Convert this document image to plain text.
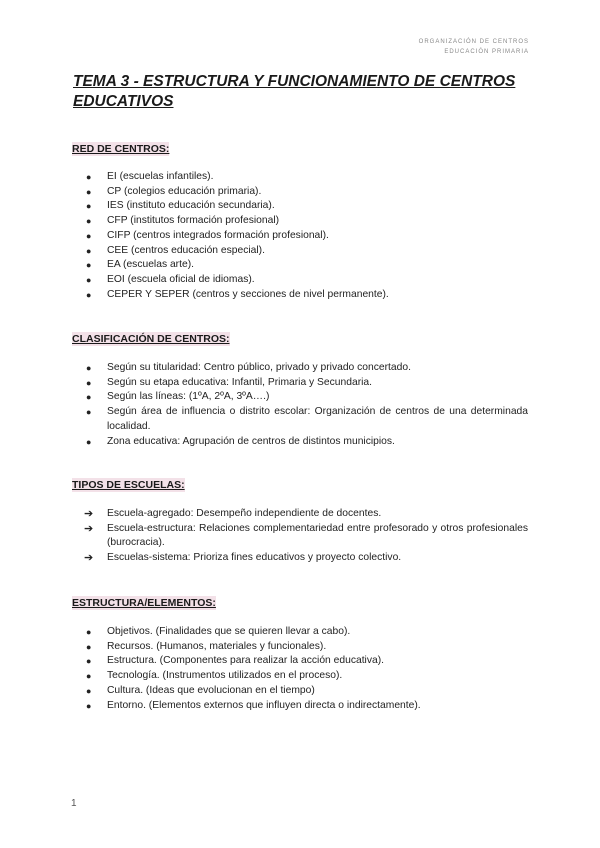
ORGANIZACIÓN DE CENTROS
EDUCACIÓN PRIMARIA
TEMA 3 - ESTRUCTURA Y FUNCIONAMIENTO DE CENTROS EDUCATIVOS
RED DE CENTROS:
● EI (escuelas infantiles).
● CP (colegios educación primaria).
● IES (instituto educación secundaria).
● CFP (institutos formación profesional)
● CIFP (centros integrados formación profesional).
● CEE (centros educación especial).
● EA (escuelas arte).
● EOI (escuela oficial de idiomas).
● CEPER Y SEPER (centros y secciones de nivel permanente).
CLASIFICACIÓN DE CENTROS:
● Según su titularidad: Centro público, privado y privado concertado.
● Según su etapa educativa: Infantil, Primaria y Secundaria.
● Según las líneas: (1ºA, 2ºA, 3ºA….)
● Según área de influencia o distrito escolar: Organización de centros de una determinada localidad.
● Zona educativa: Agrupación de centros de distintos municipios.
TIPOS DE ESCUELAS:
➔ Escuela-agregado: Desempeño independiente de docentes.
➔ Escuela-estructura: Relaciones complementariedad entre profesorado y otros profesionales (burocracia).
➔ Escuelas-sistema: Prioriza fines educativos y proyecto colectivo.
ESTRUCTURA/ELEMENTOS:
● Objetivos. (Finalidades que se quieren llevar a cabo).
● Recursos. (Humanos, materiales y funcionales).
● Estructura. (Componentes para realizar la acción educativa).
● Tecnología. (Instrumentos utilizados en el proceso).
● Cultura. (Ideas que evolucionan en el tiempo)
● Entorno. (Elementos externos que influyen directa o indirectamente).
1
